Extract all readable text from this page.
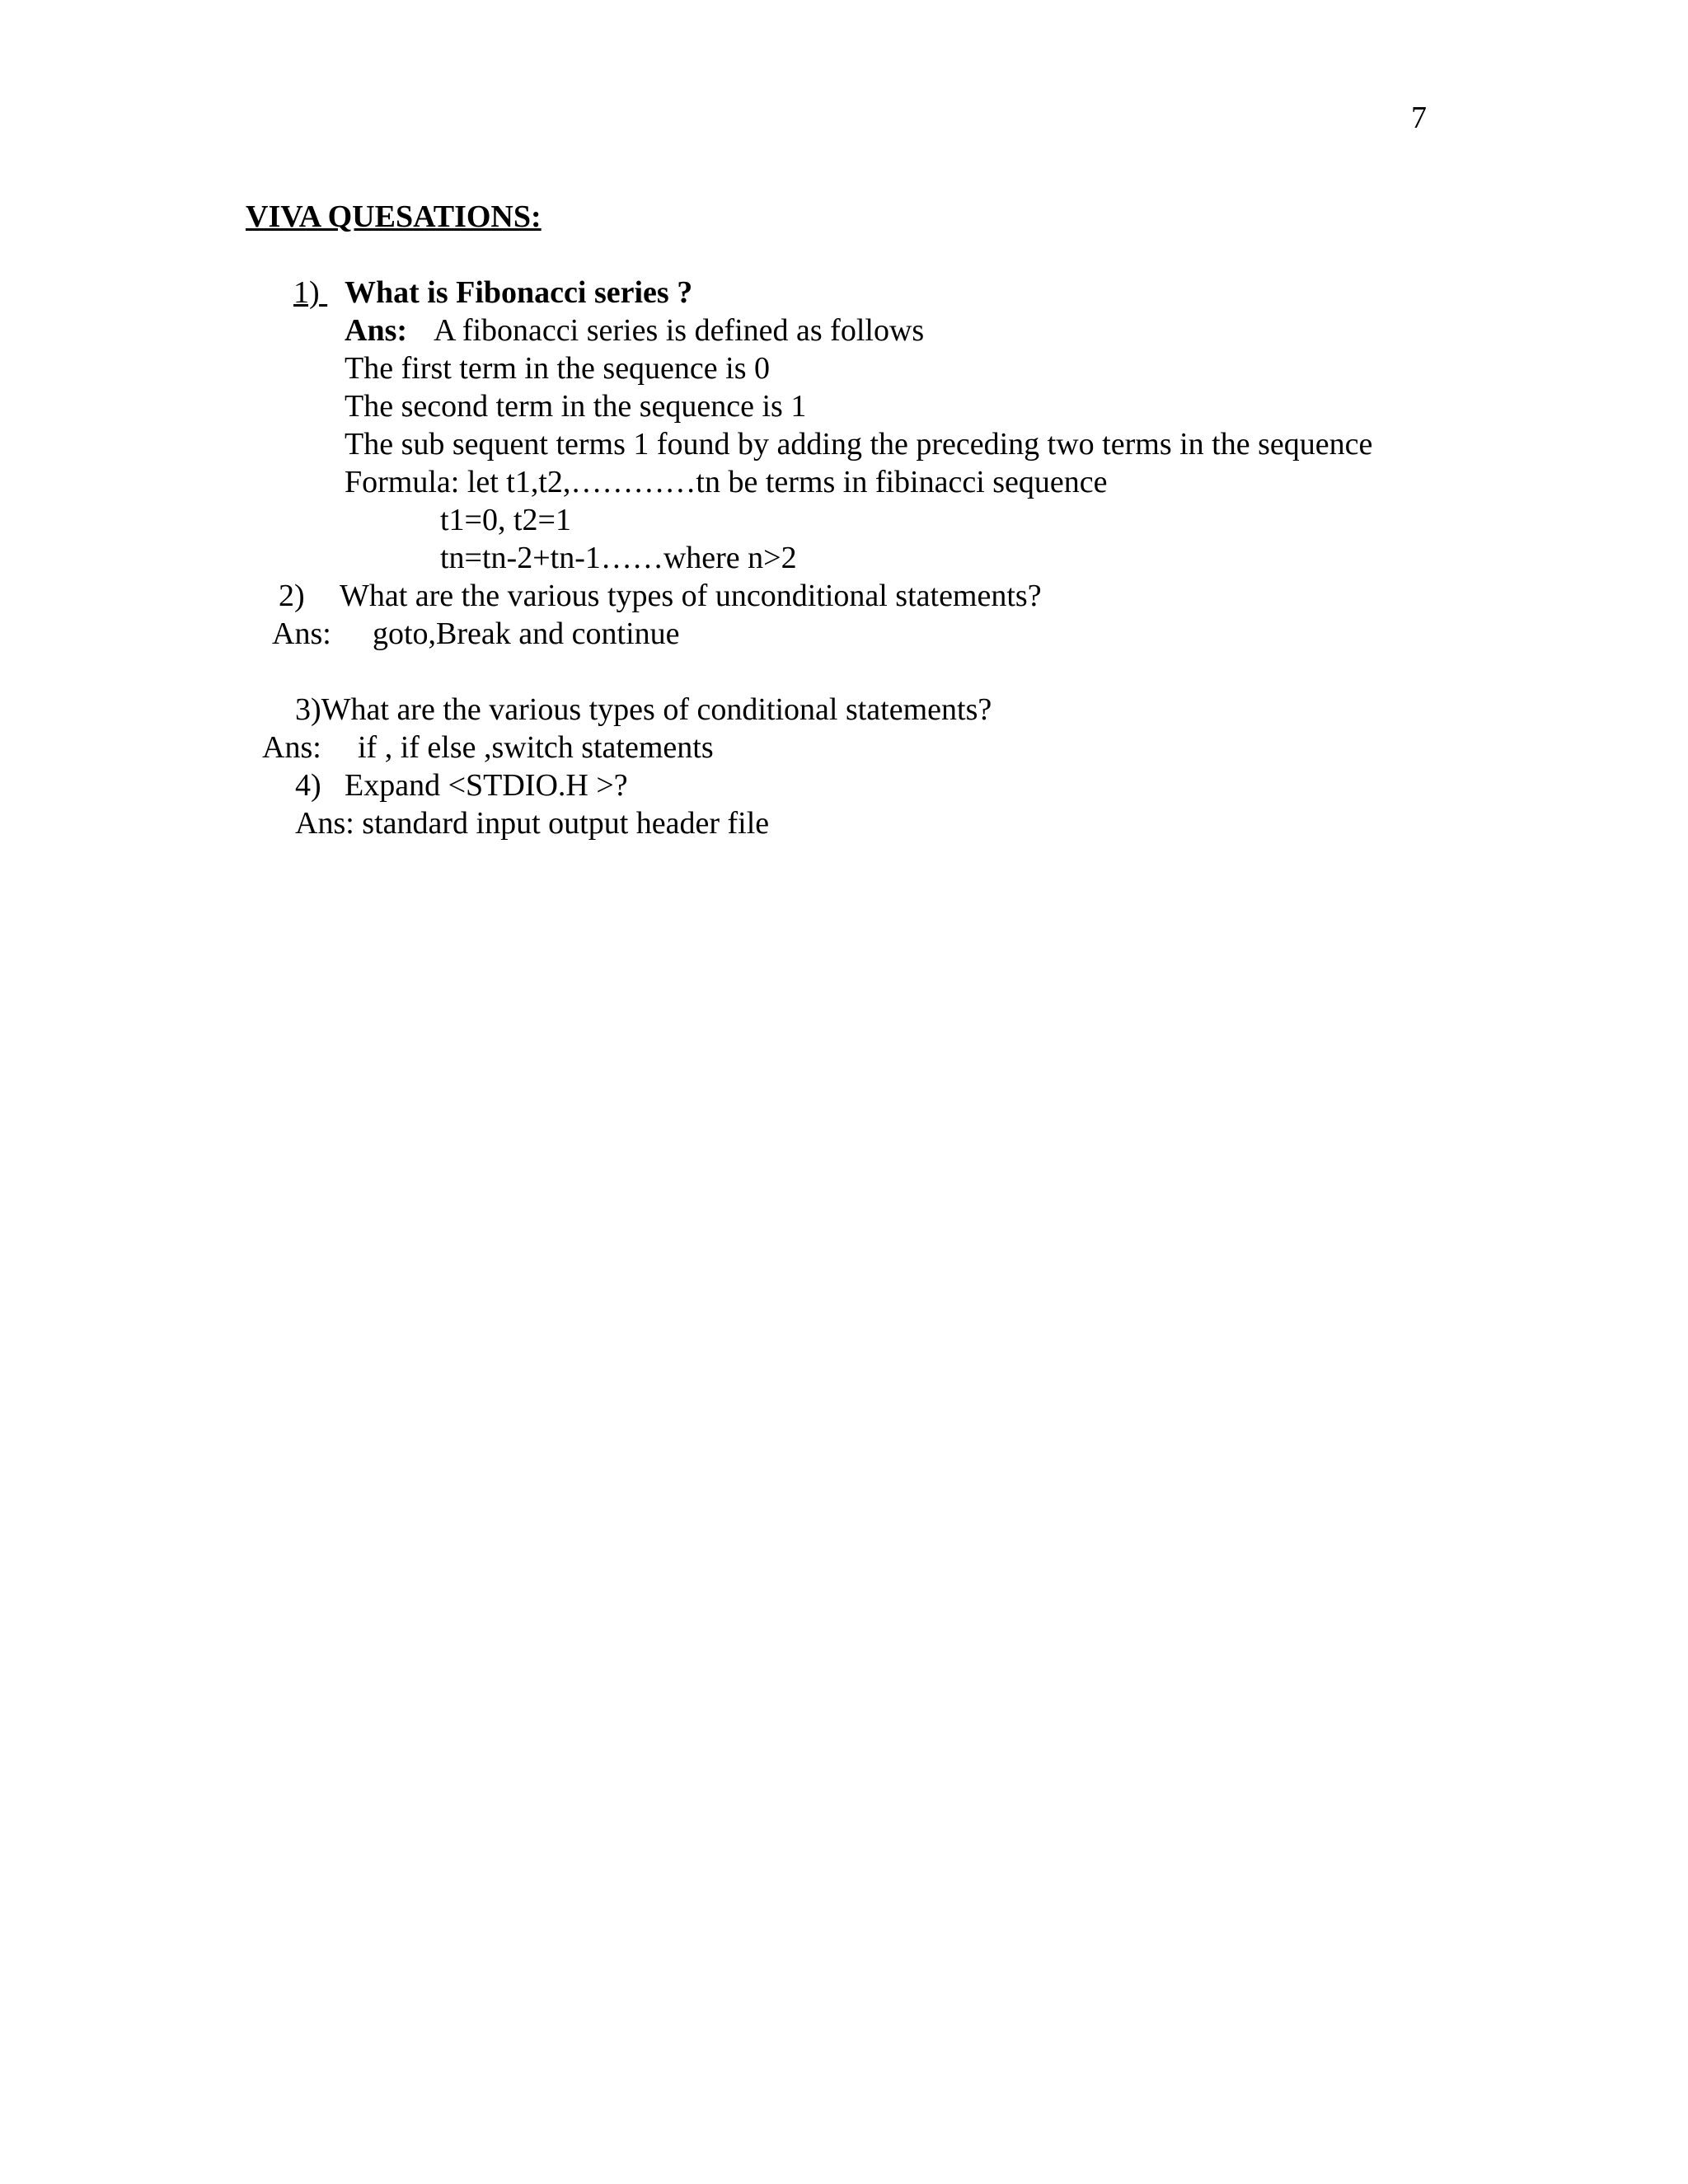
7
VIVA QUESATIONS:
1) What is Fibonacci series ?
Ans: A fibonacci series is defined as follows
The first term in the sequence is 0
The second term in the sequence is 1
The sub sequent terms 1 found by adding the preceding two terms in the sequence
Formula: let t1,t2,…………tn be terms in fibinacci sequence
t1=0, t2=1
tn=tn-2+tn-1……where n>2
2) What are the various types of unconditional statements?
Ans: goto,Break and continue
3)What are the various types of conditional statements?
Ans: if , if else ,switch statements
4) Expand <STDIO.H >?
Ans: standard input output header file
